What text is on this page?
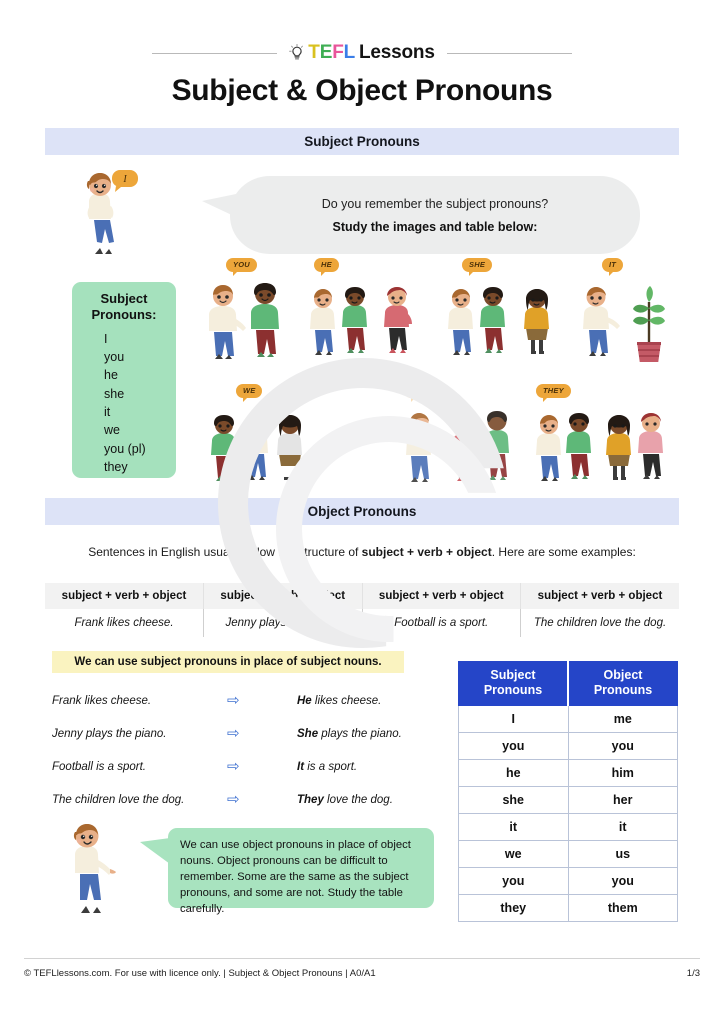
T E F L Lessons
Subject & Object Pronouns
Subject Pronouns
I
Do you remember the subject pronouns?
Study the images and table below:
Subject
Pronouns:
I
you
he
she
it
we
you (pl)
they
YOU	HE	SHE	IT
WE	YOU	THEY
Object Pronouns
Sentences in English usually follow the structure of subject + verb + object. Here are some examples:
subject + verb + object	subject + verb + object	subject + verb + object	subject + verb + object
Frank likes cheese.	Jenny plays the piano.	Football is a sport.	The children love the dog.
We can use subject pronouns in place of subject nouns.
Frank likes cheese.	⇨	He likes cheese.
Jenny plays the piano.	⇨	She plays the piano.
Football is a sport.	⇨	It is a sport.
The children love the dog.	⇨	They love the dog.
Subject
Pronouns

Object
Pronouns

I	me
you	you
he	him
she	her
it	it
we	us
you	you
they	them
We can use object pronouns in place of object nouns. Object pronouns can be difficult to remember. Some are the same as the subject pronouns, and some are not. Study the table carefully.
© TEFLlessons.com. For use with licence only. | Subject & Object Pronouns | A0/A1	1/3
